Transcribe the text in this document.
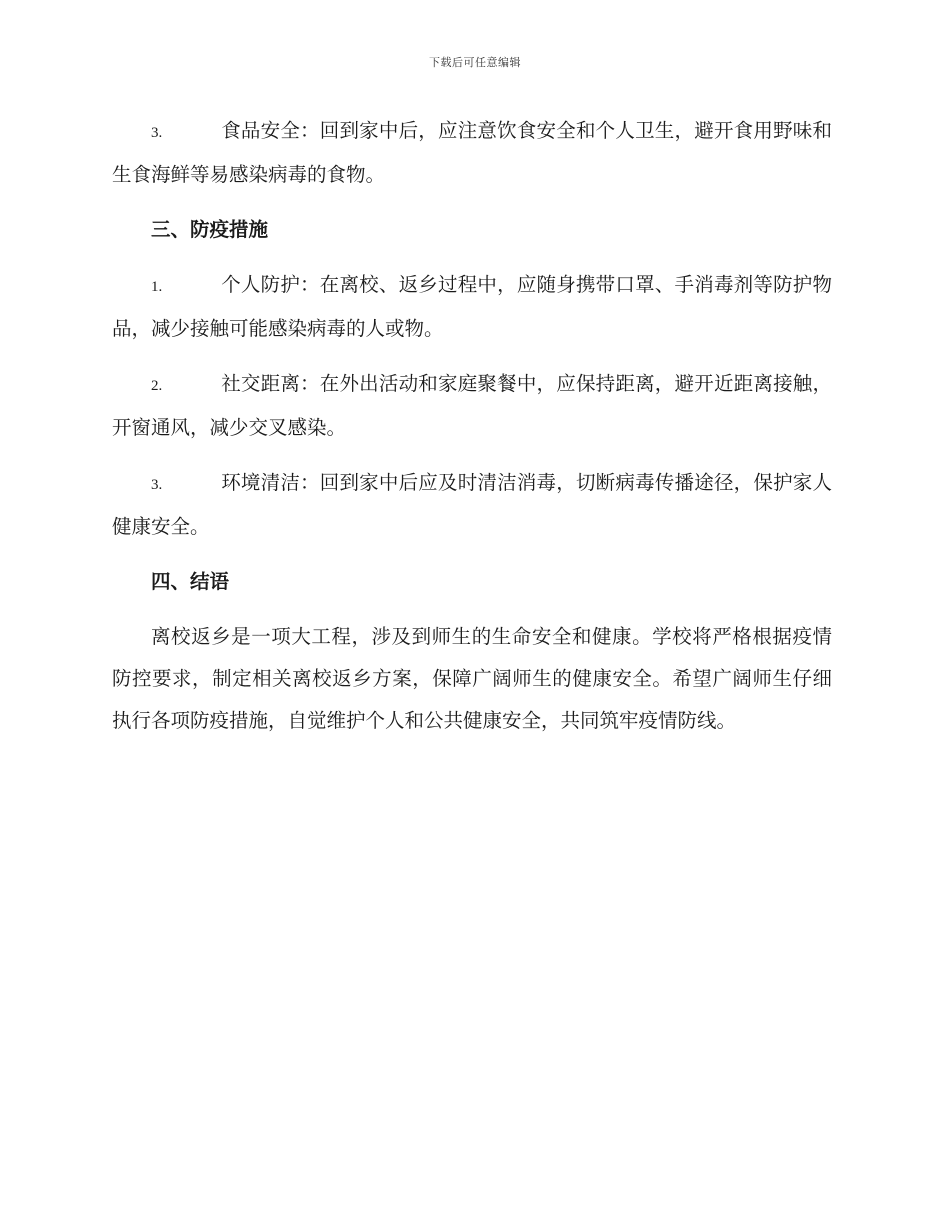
下载后可任意编辑

3.	食品安全：回到家中后，应注意饮食安全和个人卫生，避开食用野味和生食海鲜等易感染病毒的食物。

三、防疫措施

1.	个人防护：在离校、返乡过程中，应随身携带口罩、手消毒剂等防护物品，减少接触可能感染病毒的人或物。

2.	社交距离：在外出活动和家庭聚餐中，应保持距离，避开近距离接触，开窗通风，减少交叉感染。

3.	环境清洁：回到家中后应及时清洁消毒，切断病毒传播途径，保护家人健康安全。

四、结语

离校返乡是一项大工程，涉及到师生的生命安全和健康。学校将严格根据疫情防控要求，制定相关离校返乡方案，保障广阔师生的健康安全。希望广阔师生仔细执行各项防疫措施，自觉维护个人和公共健康安全，共同筑牢疫情防线。
